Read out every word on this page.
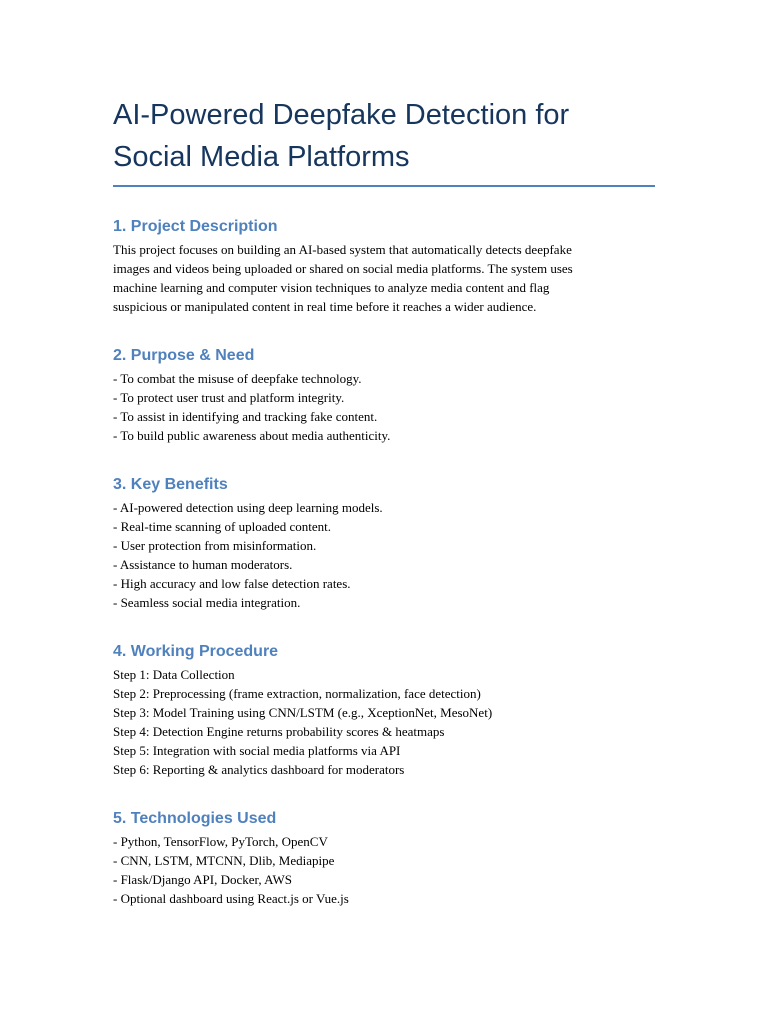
AI-Powered Deepfake Detection for
Social Media Platforms
1. Project Description

This project focuses on building an AI-based system that automatically detects deepfake

images and videos being uploaded or shared on social media platforms. The system uses

machine learning and computer vision techniques to analyze media content and flag

suspicious or manipulated content in real time before it reaches a wider audience.

2. Purpose & Need

- To combat the misuse of deepfake technology.

- To protect user trust and platform integrity.

- To assist in identifying and tracking fake content.

- To build public awareness about media authenticity.

3. Key Benefits

- AI-powered detection using deep learning models.

- Real-time scanning of uploaded content.

- User protection from misinformation.

- Assistance to human moderators.

- High accuracy and low false detection rates.

- Seamless social media integration.

4. Working Procedure

Step 1: Data Collection

Step 2: Preprocessing (frame extraction, normalization, face detection)

Step 3: Model Training using CNN/LSTM (e.g., XceptionNet, MesoNet)

Step 4: Detection Engine returns probability scores & heatmaps

Step 5: Integration with social media platforms via API

Step 6: Reporting & analytics dashboard for moderators

5. Technologies Used

- Python, TensorFlow, PyTorch, OpenCV

- CNN, LSTM, MTCNN, Dlib, Mediapipe

- Flask/Django API, Docker, AWS

- Optional dashboard using React.js or Vue.js
